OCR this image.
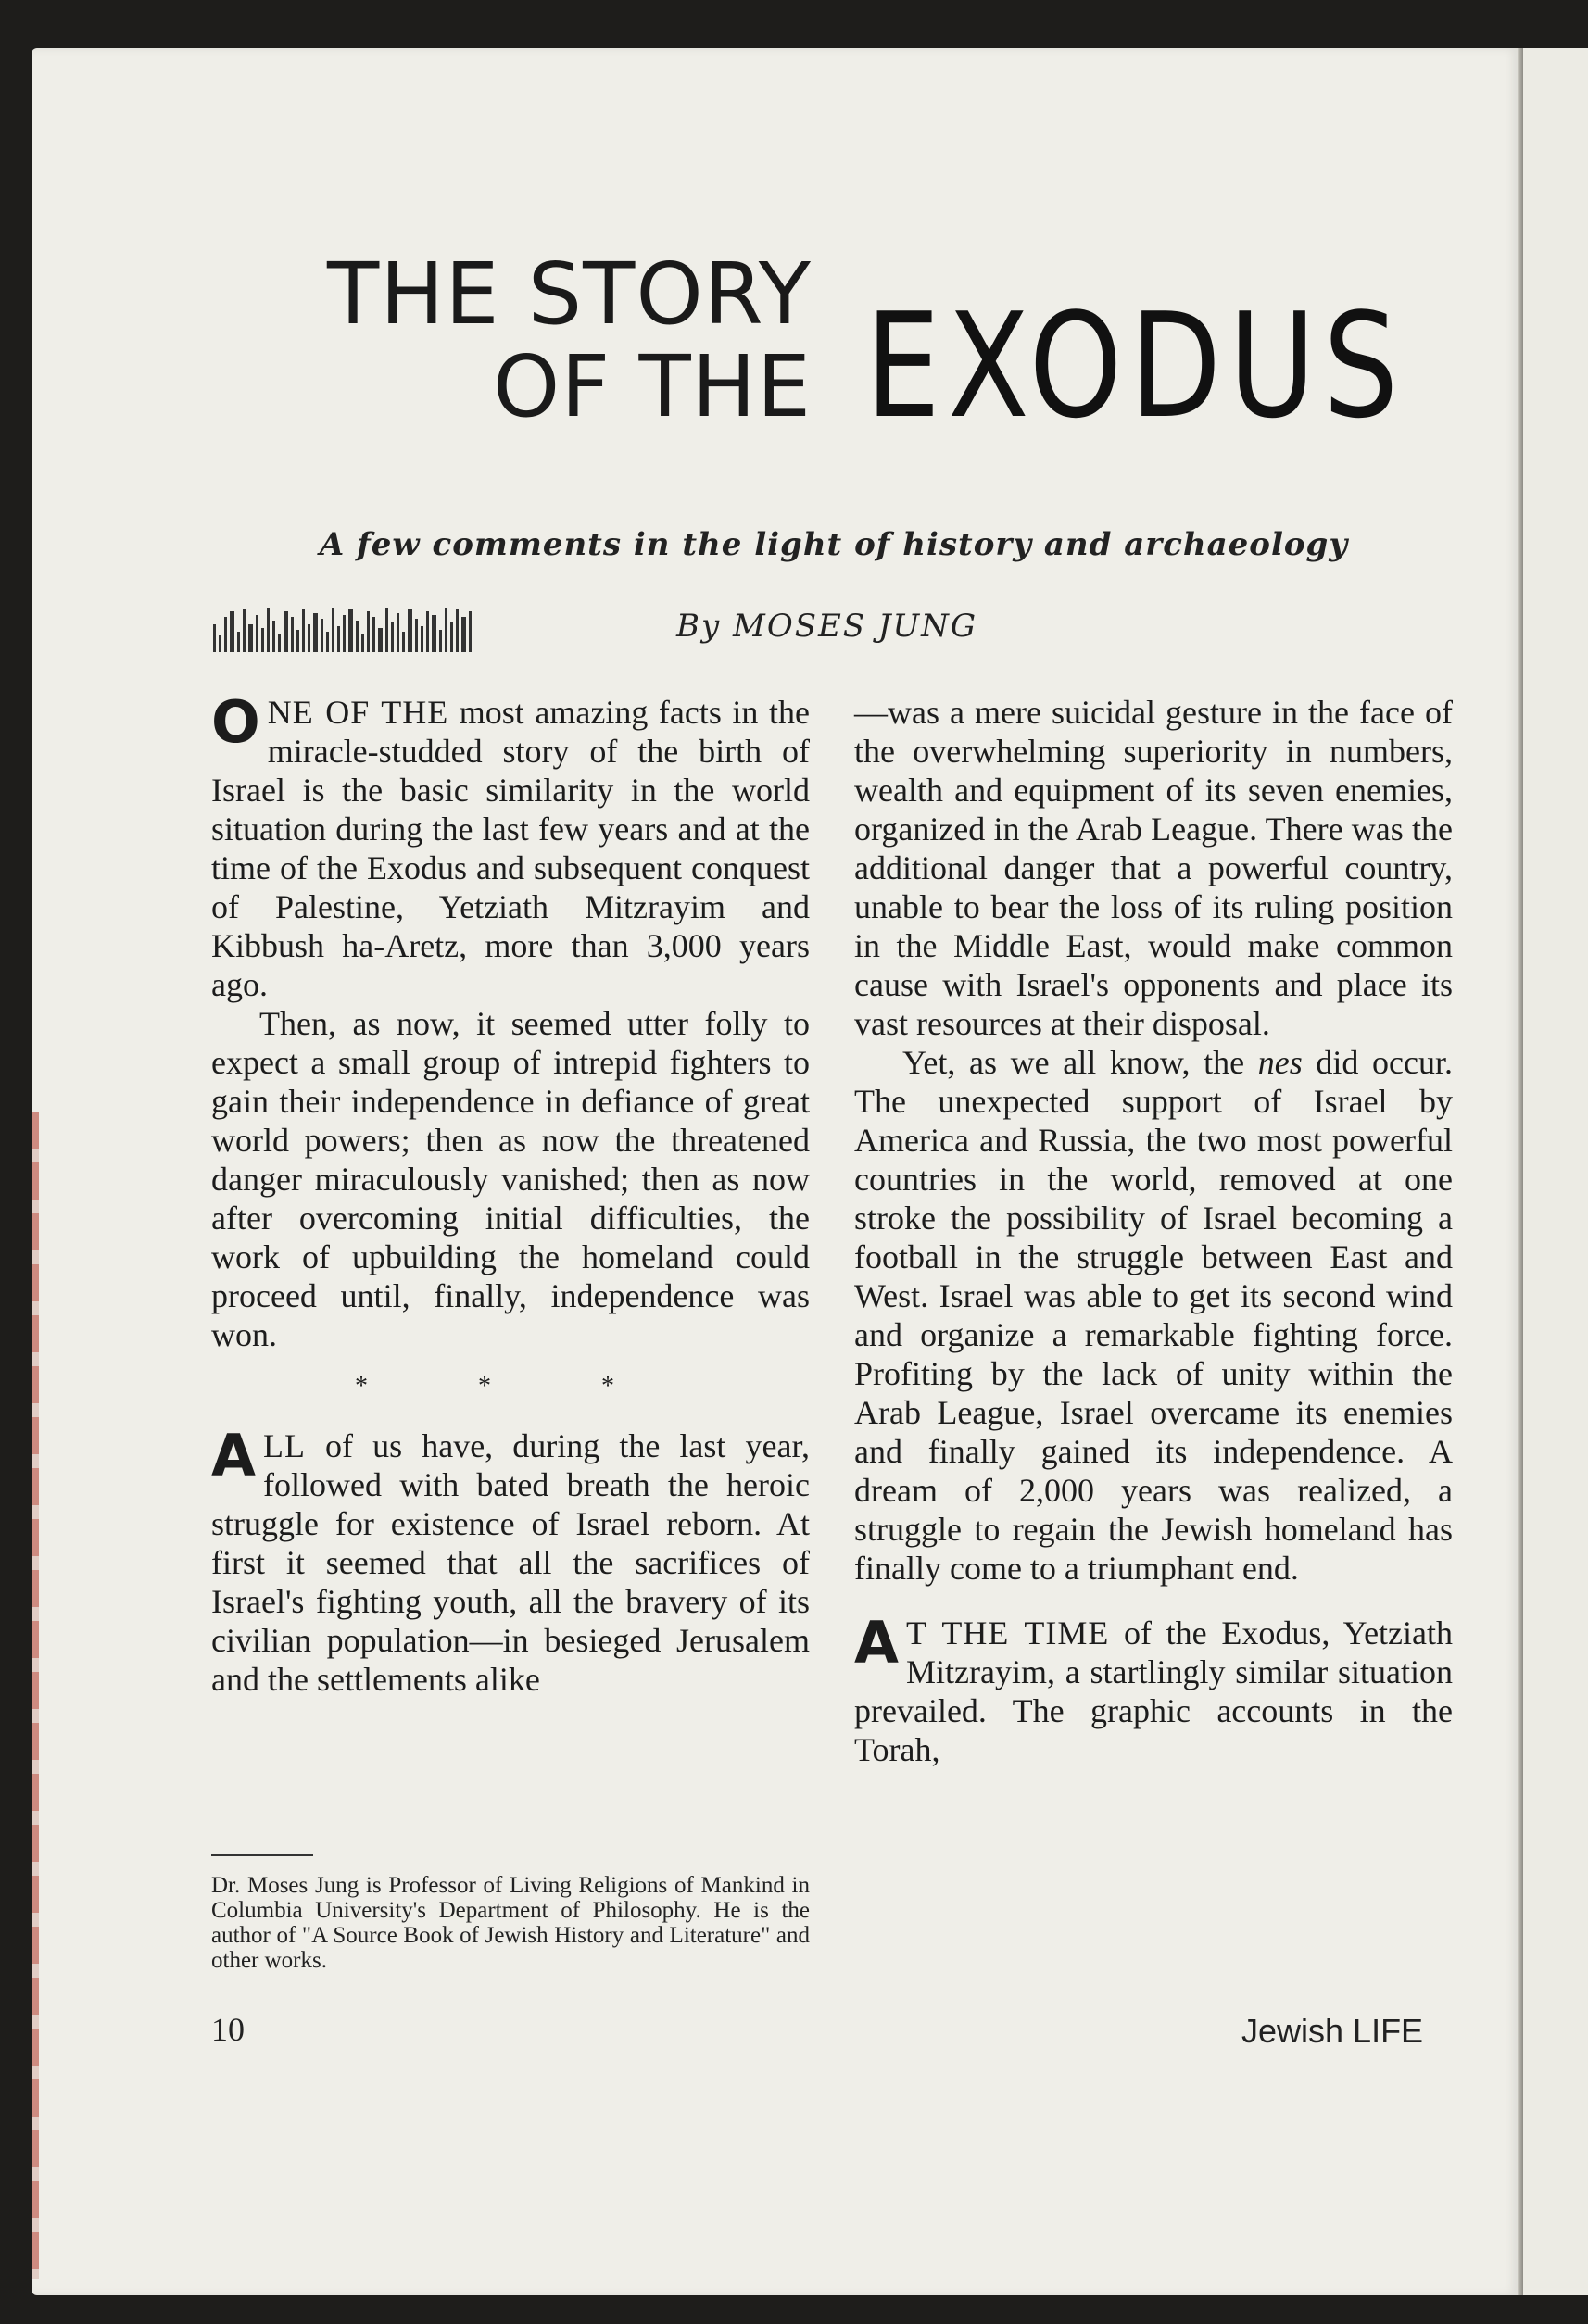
THE STORY
OF THE EXODUS
A few comments in the light of history and archaeology
By MOSES JUNG

ONE OF THE most amazing facts in the miracle-studded story of the birth of Israel is the basic similarity in the world situation during the last few years and at the time of the Exodus and subsequent conquest of Palestine, Yetziath Mitzrayim and Kibbush ha-Aretz, more than 3,000 years ago.

Then, as now, it seemed utter folly to expect a small group of intrepid fighters to gain their independence in defiance of great world powers; then as now the threatened danger miraculously vanished; then as now after overcoming initial difficulties, the work of upbuilding the homeland could proceed until, finally, independence was won.

* * *

ALL of us have, during the last year, followed with bated breath the heroic struggle for existence of Israel reborn. At first it seemed that all the sacrifices of Israel's fighting youth, all the bravery of its civilian population—in besieged Jerusalem and the settlements alike

—was a mere suicidal gesture in the face of the overwhelming superiority in numbers, wealth and equipment of its seven enemies, organized in the Arab League. There was the additional danger that a powerful country, unable to bear the loss of its ruling position in the Middle East, would make common cause with Israel's opponents and place its vast resources at their disposal.

Yet, as we all know, the nes did occur. The unexpected support of Israel by America and Russia, the two most powerful countries in the world, removed at one stroke the possibility of Israel becoming a football in the struggle between East and West. Israel was able to get its second wind and organize a remarkable fighting force. Profiting by the lack of unity within the Arab League, Israel overcame its enemies and finally gained its independence. A dream of 2,000 years was realized, a struggle to regain the Jewish homeland has finally come to a triumphant end.

A T THE TIME of the Exodus, Yetziath Mitzrayim, a startlingly similar situation prevailed. The graphic accounts in the Torah,

Dr. Moses Jung is Professor of Living Religions of Mankind in Columbia University's Department of Philosophy. He is the author of "A Source Book of Jewish History and Literature" and other works.
10	Jewish LIFE
